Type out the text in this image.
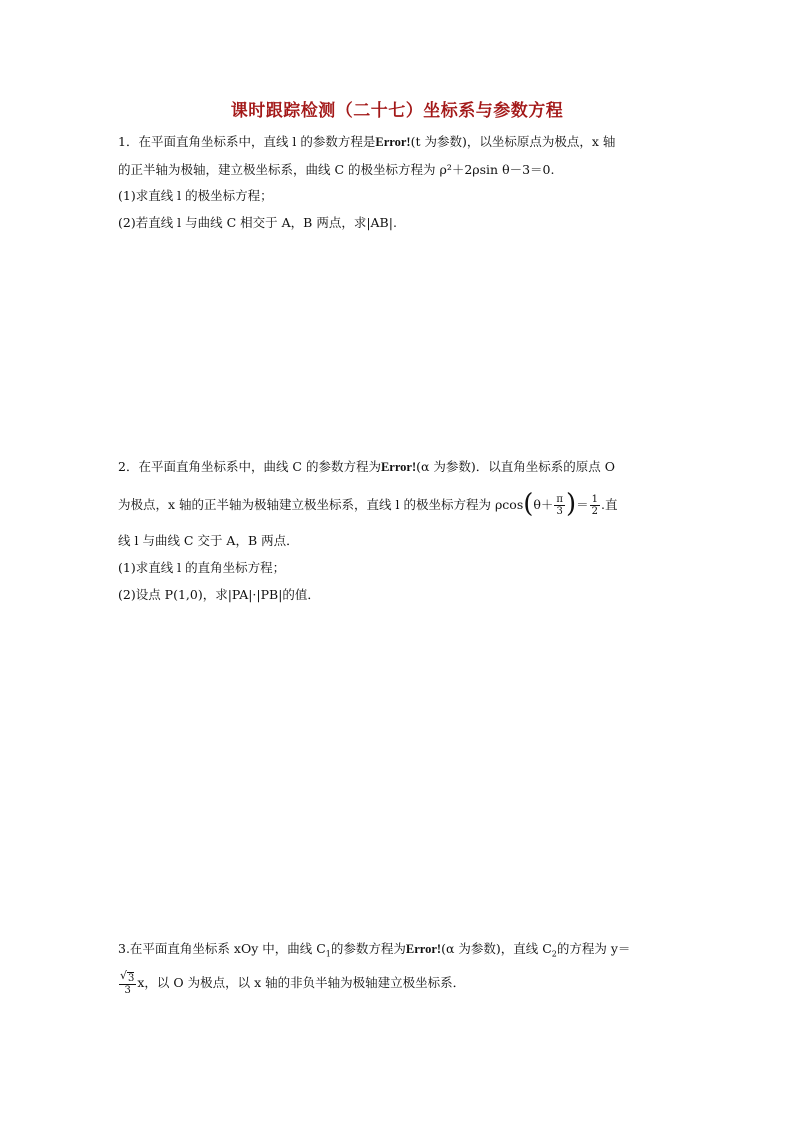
课时跟踪检测（二十七）坐标系与参数方程
1．在平面直角坐标系中，直线 l 的参数方程是Error!(t 为参数)，以坐标原点为极点，x 轴
的正半轴为极轴，建立极坐标系，曲线 C 的极坐标方程为 ρ²＋2ρsin θ－3＝0.
(1)求直线 l 的极坐标方程；
(2)若直线 l 与曲线 C 相交于 A，B 两点，求|AB|.
2．在平面直角坐标系中，曲线 C 的参数方程为Error!(α 为参数)．以直角坐标系的原点 O
为极点，x 轴的正半轴为极轴建立极坐标系，直线 l 的极坐标方程为 $\rho\cos(\theta+ \frac{\pi}{3}$ )＝ $\frac{1}{2}$ .直
线 l 与曲线 C 交于 A，B 两点．
(1)求直线 l 的直角坐标方程；
(2)设点 P(1,0)，求|PA|·|PB|的值．
3.在平面直角坐标系 xOy 中，曲线 $C_1$的参数方程为Error!(α 为参数)，直线 $C_2$的方程为 y＝
√ $\frac{3}{3}$ x，以 O 为极点，以 x 轴的非负半轴为极轴建立极坐标系．
